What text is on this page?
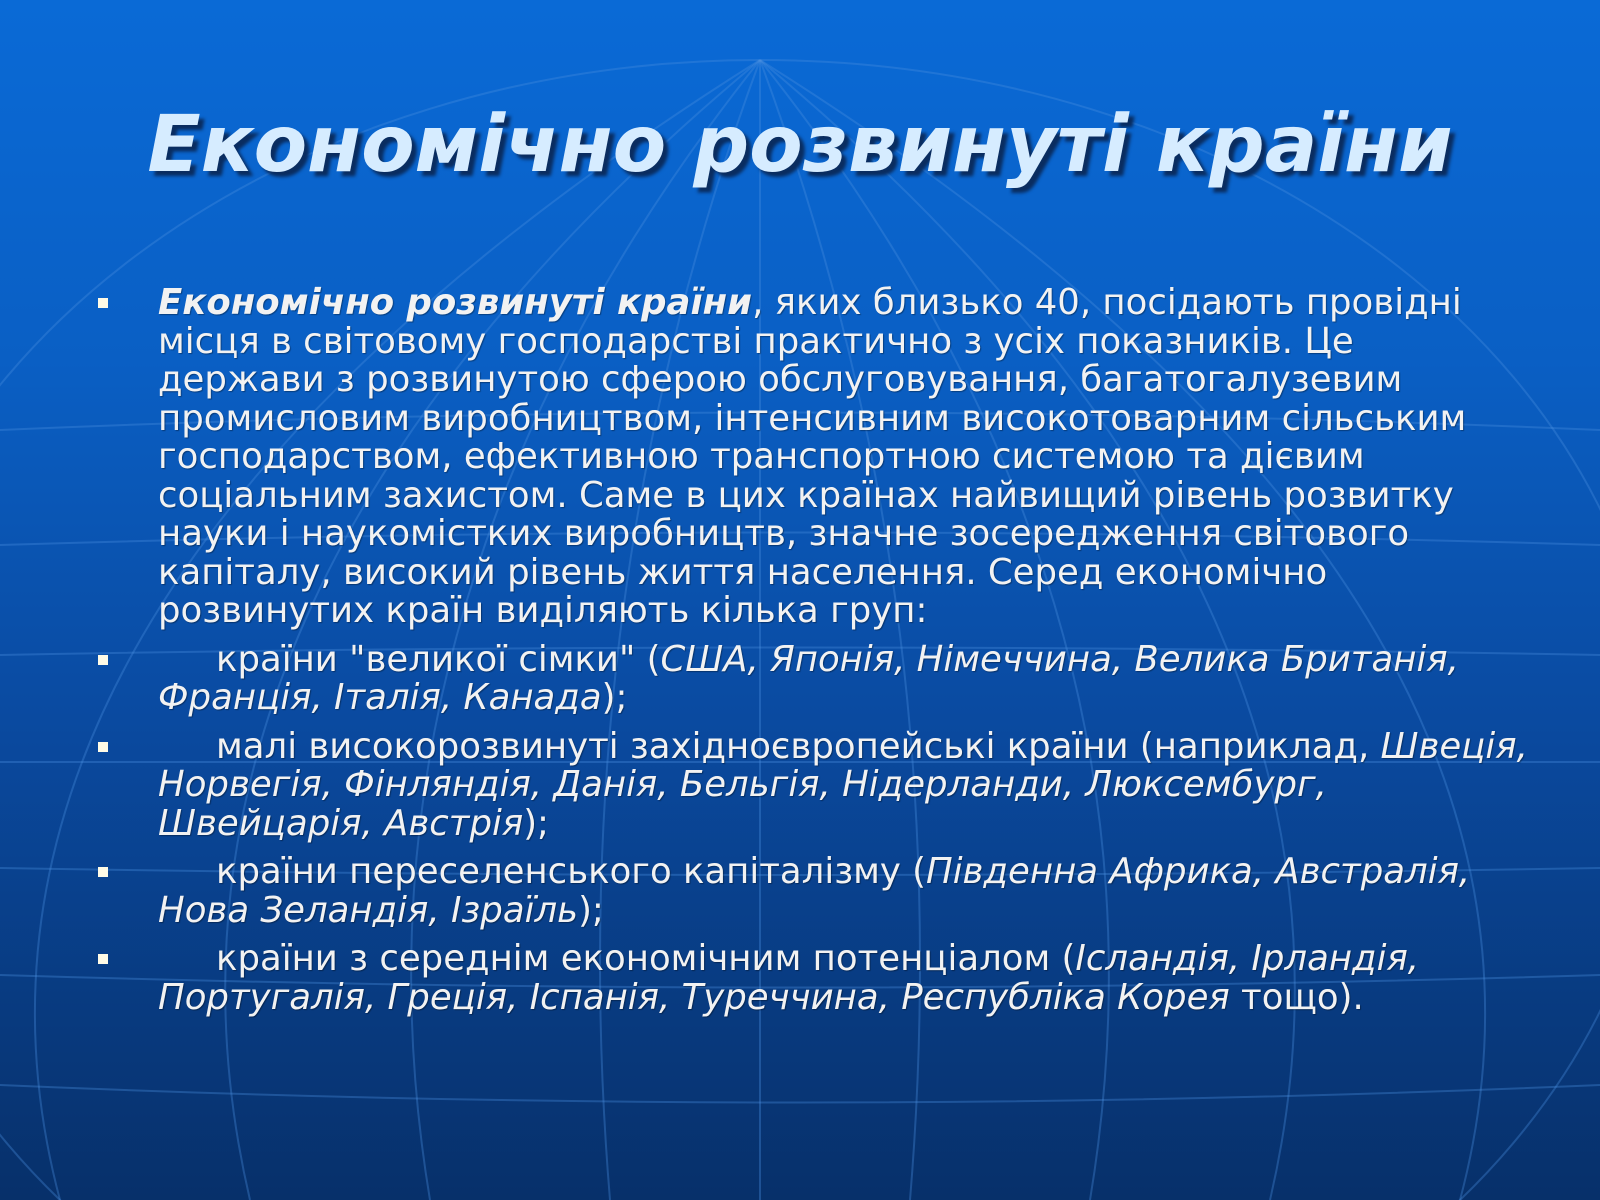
Економічно розвинуті країни
Економічно розвинуті країни, яких близько 40, посідають провідні місця в світовому господарстві практично з усіх показників. Це держави з розвинутою сферою обслуговування, багатогалузевим промисловим виробництвом, інтенсивним високотоварним сільським господарством, ефективною транспортною системою та дієвим соціальним захистом. Саме в цих країнах найвищий рівень розвитку науки і наукомістких виробництв, значне зосередження світового капіталу, високий рівень життя населення. Серед економічно розвинутих країн виділяють кілька груп:
країни "великої сімки" (США, Японія, Німеччина, Велика Британія, Франція, Італія, Канада);
малі високорозвинуті західноєвропейські країни (наприклад, Швеція, Норвегія, Фінляндія, Данія, Бельгія, Нідерланди, Люксембург, Швейцарія, Австрія);
країни переселенського капіталізму (Південна Африка, Австралія, Нова Зеландія, Ізраїль);
країни з середнім економічним потенціалом (Ісландія, Ірландія, Португалія, Греція, Іспанія, Туреччина, Республіка Корея тощо).
